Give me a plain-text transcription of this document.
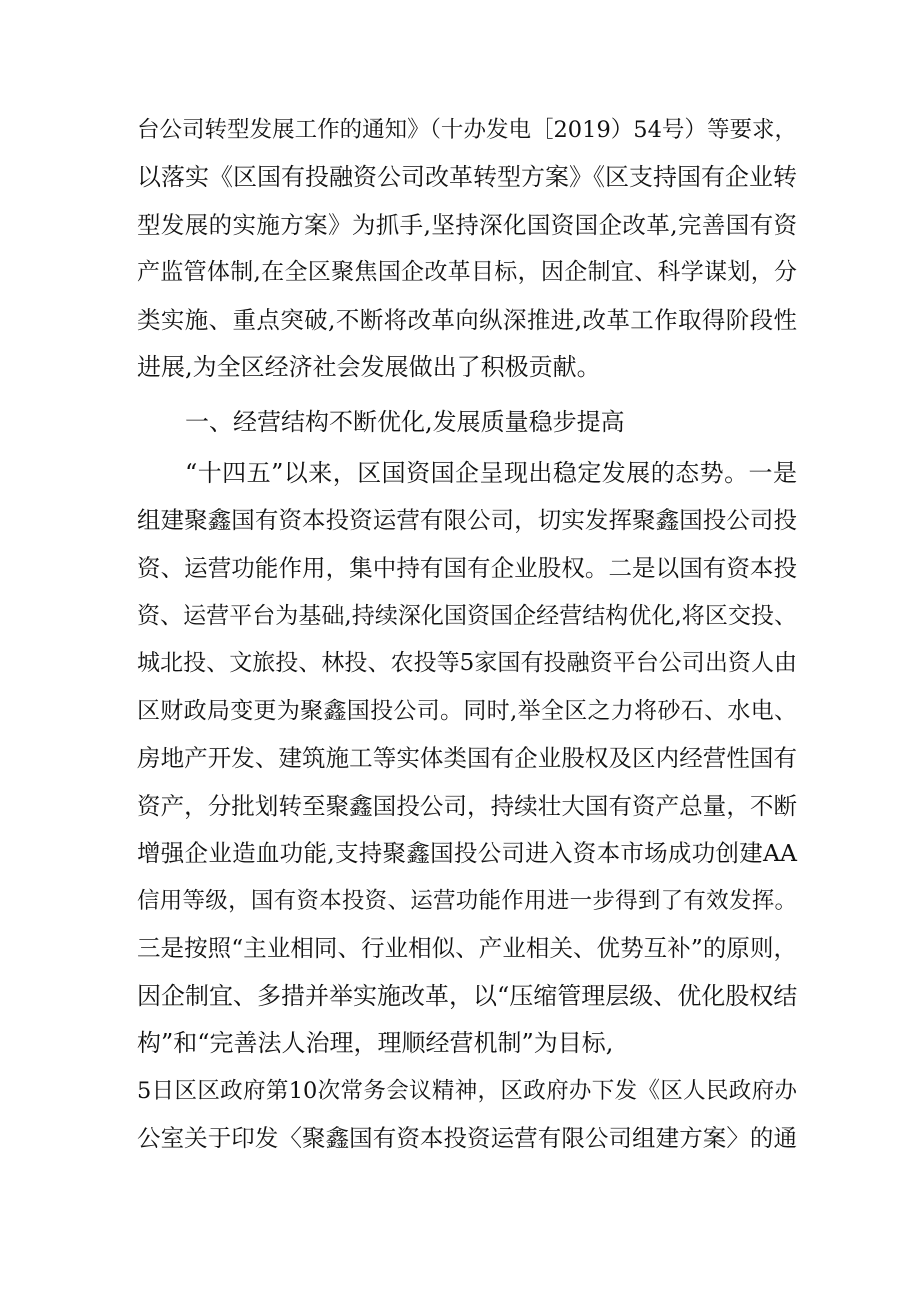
台公司转型发展工作的通知》（十办发电［2019）54号）等要求，

以落实《区国有投融资公司改革转型方案》《区支持国有企业转

型发展的实施方案》为抓手,坚持深化国资国企改革,完善国有资

产监管体制,在全区聚焦国企改革目标，因企制宜、科学谋划，分

类实施、重点突破,不断将改革向纵深推进,改革工作取得阶段性

进展,为全区经济社会发展做出了积极贡献。

一、经营结构不断优化,发展质量稳步提高

“十四五”以来，区国资国企呈现出稳定发展的态势。一是

组建聚鑫国有资本投资运营有限公司，切实发挥聚鑫国投公司投

资、运营功能作用，集中持有国有企业股权。二是以国有资本投

资、运营平台为基础,持续深化国资国企经营结构优化,将区交投、

城北投、文旅投、林投、农投等5家国有投融资平台公司出资人由

区财政局变更为聚鑫国投公司。同时,举全区之力将砂石、水电、

房地产开发、建筑施工等实体类国有企业股权及区内经营性国有

资产，分批划转至聚鑫国投公司，持续壮大国有资产总量，不断

增强企业造血功能,支持聚鑫国投公司进入资本市场成功创建AA

信用等级，国有资本投资、运营功能作用进一步得到了有效发挥。

三是按照“主业相同、行业相似、产业相关、优势互补”的原则，

因企制宜、多措并举实施改革，以“压缩管理层级、优化股权结

构”和“完善法人治理，理顺经营机制”为目标,

5日区区政府第10次常务会议精神，区政府办下发《区人民政府办

公室关于印发〈聚鑫国有资本投资运营有限公司组建方案〉的通
